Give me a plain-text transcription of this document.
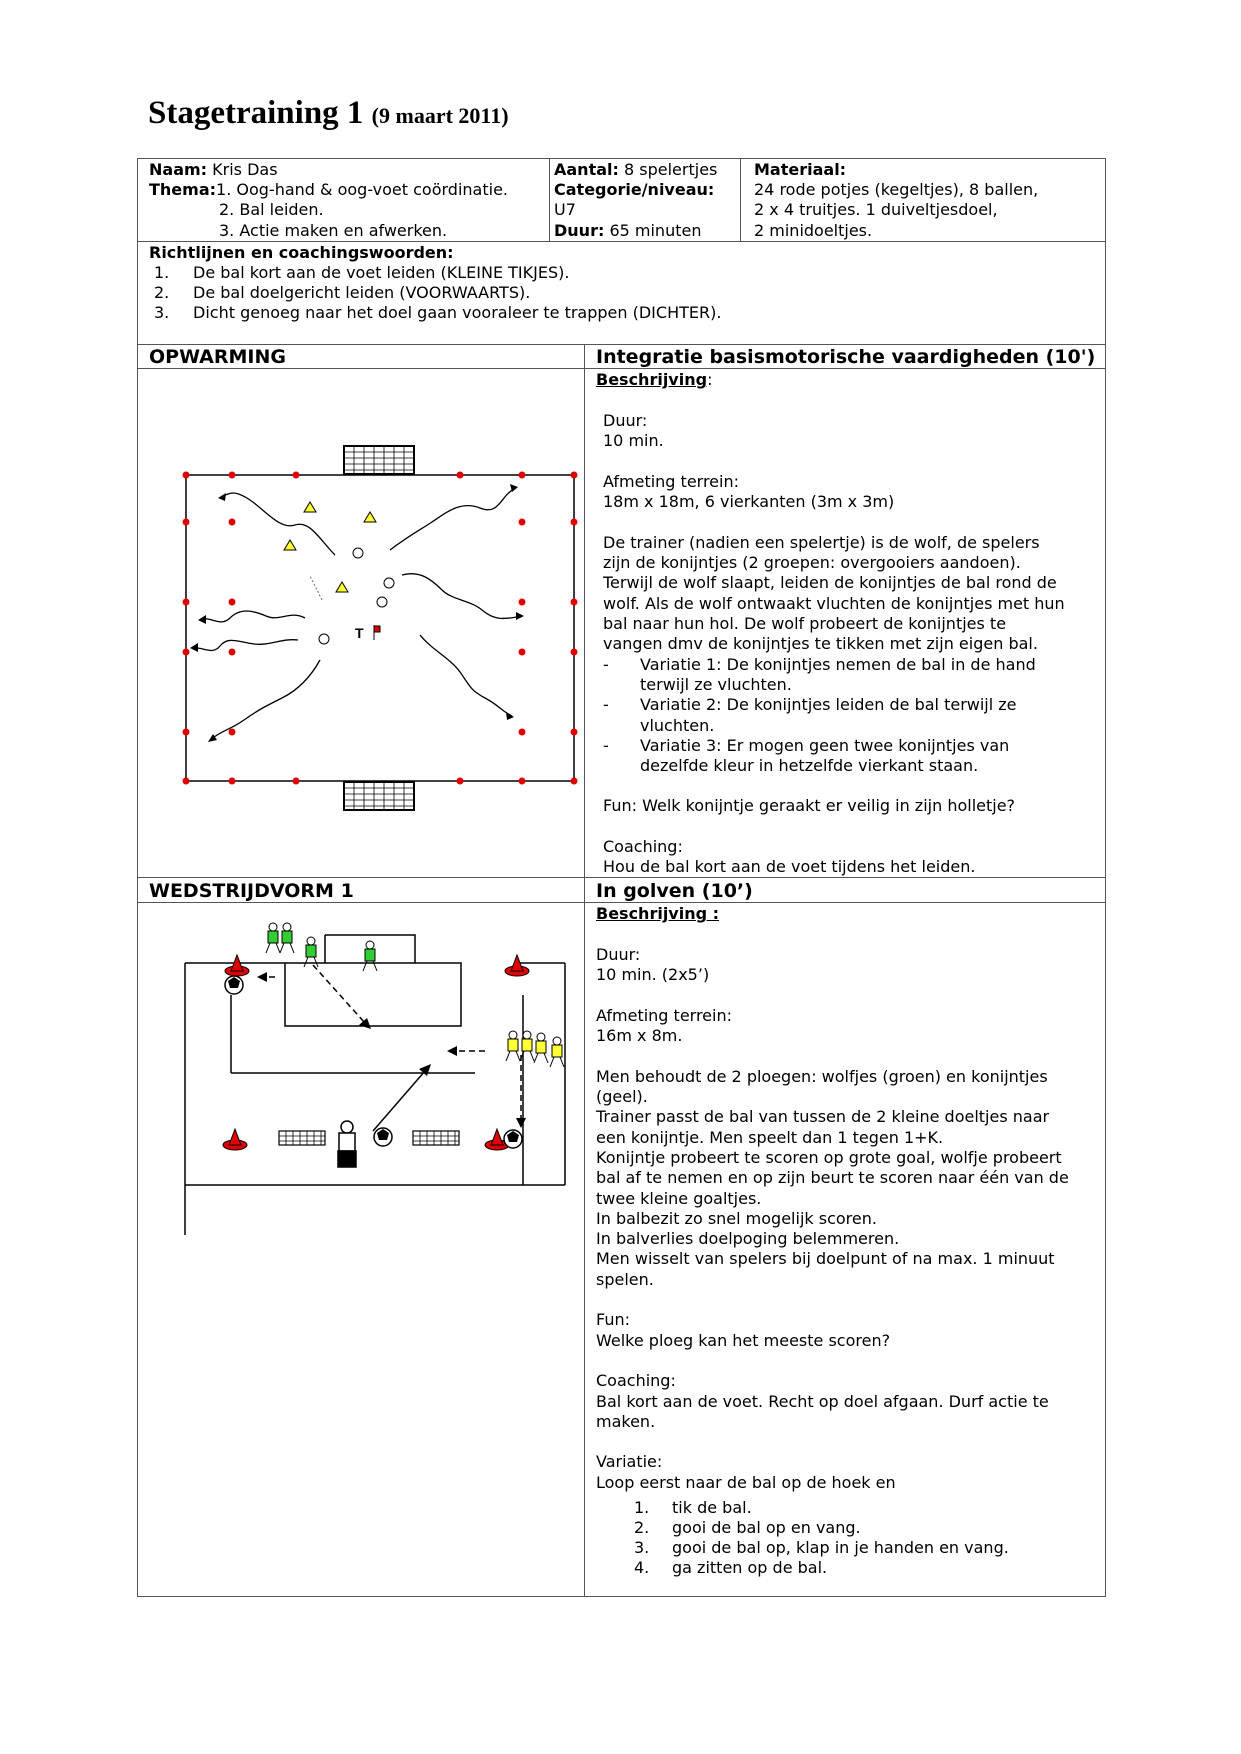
Stagetraining 1 (9 maart 2011)
Naam: Kris Das
Thema:1. Oog-hand & oog-voet coördinatie.
2. Bal leiden.
3. Actie maken en afwerken.
Aantal: 8 spelertjes
Categorie/niveau:
U7
Duur: 65 minuten
Materiaal:
24 rode potjes (kegeltjes), 8 ballen,
2 x 4 truitjes. 1 duiveltjesdoel,
2 minidoeltjes.
Richtlijnen en coachingswoorden:
1. De bal kort aan de voet leiden (KLEINE TIKJES).
2. De bal doelgericht leiden (VOORWAARTS).
3. Dicht genoeg naar het doel gaan vooraleer te trappen (DICHTER).
OPWARMING	Integratie basismotorische vaardigheden (10')
Beschrijving:

Duur:

10 min.

Afmeting terrein:

18m x 18m, 6 vierkanten (3m x 3m)

De trainer (nadien een spelertje) is de wolf, de spelers

zijn de konijntjes (2 groepen: overgooiers aandoen).

Terwijl de wolf slaapt, leiden de konijntjes de bal rond de

wolf. Als de wolf ontwaakt vluchten de konijntjes met hun

bal naar hun hol. De wolf probeert de konijntjes te

vangen dmv de konijntjes te tikken met zijn eigen bal.

- Variatie 1: De konijntjes nemen de bal in de hand
terwijl ze vluchten.
- Variatie 2: De konijntjes leiden de bal terwijl ze
vluchten.
- Variatie 3: Er mogen geen twee konijntjes van
dezelfde kleur in hetzelfde vierkant staan.
Fun: Welk konijntje geraakt er veilig in zijn holletje?
Coaching:
Hou de bal kort aan de voet tijdens het leiden.
T
WEDSTRIJDVORM 1	In golven (10’)
Beschrijving :

Duur:

10 min. (2x5’)

Afmeting terrein:

16m x 8m.

Men behoudt de 2 ploegen: wolfjes (groen) en konijntjes

(geel).

Trainer passt de bal van tussen de 2 kleine doeltjes naar

een konijntje. Men speelt dan 1 tegen 1+K.

Konijntje probeert te scoren op grote goal, wolfje probeert

bal af te nemen en op zijn beurt te scoren naar één van de

twee kleine goaltjes.

In balbezit zo snel mogelijk scoren.

In balverlies doelpoging belemmeren.

Men wisselt van spelers bij doelpunt of na max. 1 minuut

spelen.

Fun:

Welke ploeg kan het meeste scoren?

Coaching:

Bal kort aan de voet. Recht op doel afgaan. Durf actie te

maken.

Variatie:

Loop eerst naar de bal op de hoek en

1. tik de bal.
2. gooi de bal op en vang.
3. gooi de bal op, klap in je handen en vang.
4. ga zitten op de bal.
